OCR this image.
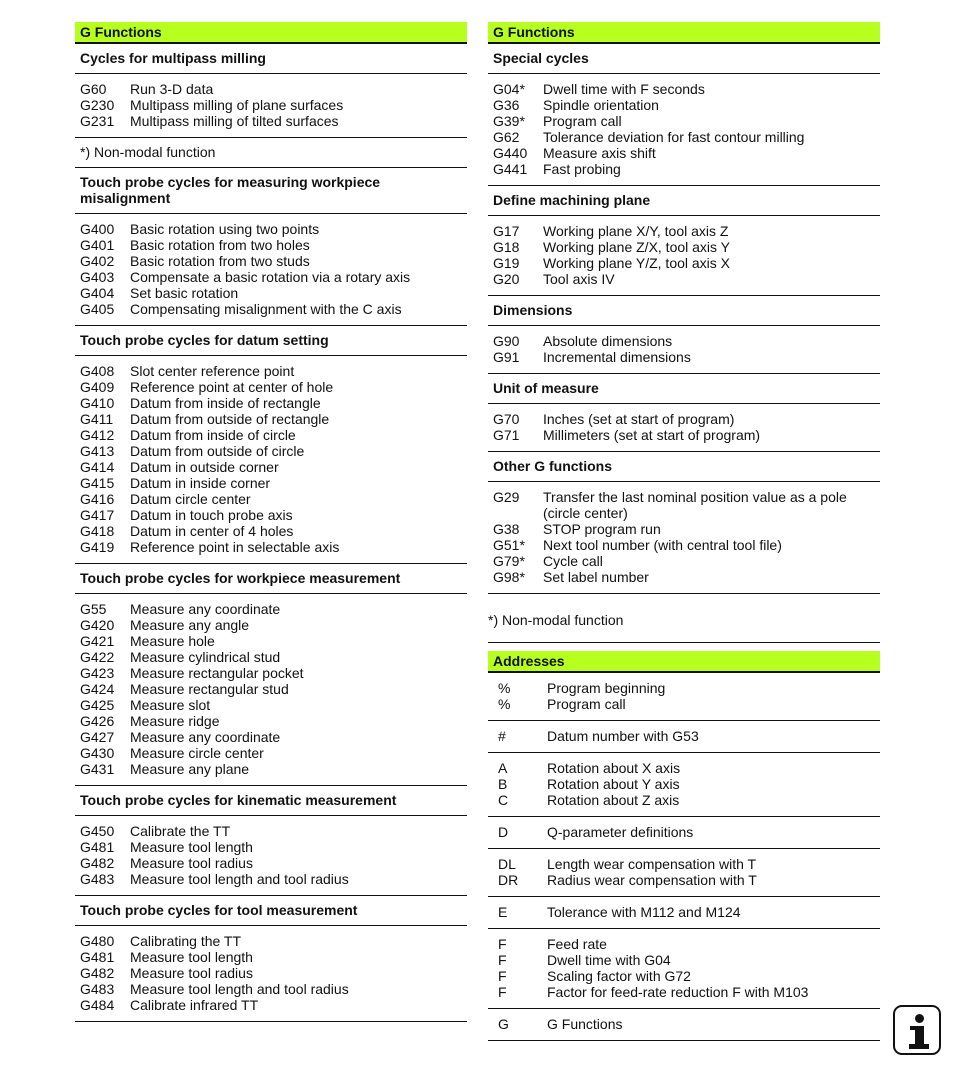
G Functions
Cycles for multipass milling
G60	Run 3-D data
G230	Multipass milling of plane surfaces
G231	Multipass milling of tilted surfaces
*) Non-modal function
Touch probe cycles for measuring workpiece misalignment
G400	Basic rotation using two points
G401	Basic rotation from two holes
G402	Basic rotation from two studs
G403	Compensate a basic rotation via a rotary axis
G404	Set basic rotation
G405	Compensating misalignment with the C axis
Touch probe cycles for datum setting
G408	Slot center reference point
G409	Reference point at center of hole
G410	Datum from inside of rectangle
G411	Datum from outside of rectangle
G412	Datum from inside of circle
G413	Datum from outside of circle
G414	Datum in outside corner
G415	Datum in inside corner
G416	Datum circle center
G417	Datum in touch probe axis
G418	Datum in center of 4 holes
G419	Reference point in selectable axis
Touch probe cycles for workpiece measurement
G55	Measure any coordinate
G420	Measure any angle
G421	Measure hole
G422	Measure cylindrical stud
G423	Measure rectangular pocket
G424	Measure rectangular stud
G425	Measure slot
G426	Measure ridge
G427	Measure any coordinate
G430	Measure circle center
G431	Measure any plane
Touch probe cycles for kinematic measurement
G450	Calibrate the TT
G481	Measure tool length
G482	Measure tool radius
G483	Measure tool length and tool radius
Touch probe cycles for tool measurement
G480	Calibrating the TT
G481	Measure tool length
G482	Measure tool radius
G483	Measure tool length and tool radius
G484	Calibrate infrared TT
G Functions
Special cycles
G04*	Dwell time with F seconds
G36	Spindle orientation
G39*	Program call
G62	Tolerance deviation for fast contour milling
G440	Measure axis shift
G441	Fast probing
Define machining plane
G17	Working plane X/Y, tool axis Z
G18	Working plane Z/X, tool axis Y
G19	Working plane Y/Z, tool axis X
G20	Tool axis IV
Dimensions
G90	Absolute dimensions
G91	Incremental dimensions
Unit of measure
G70	Inches (set at start of program)
G71	Millimeters (set at start of program)
Other G functions
G29	Transfer the last nominal position value as a pole (circle center)
G38	STOP program run
G51*	Next tool number (with central tool file)
G79*	Cycle call
G98*	Set label number
*) Non-modal function
Addresses
%	Program beginning
%	Program call
#	Datum number with G53
A	Rotation about X axis
B	Rotation about Y axis
C	Rotation about Z axis
D	Q-parameter definitions
DL	Length wear compensation with T
DR	Radius wear compensation with T
E	Tolerance with M112 and M124
F	Feed rate
F	Dwell time with G04
F	Scaling factor with G72
F	Factor for feed-rate reduction F with M103
G	G Functions
